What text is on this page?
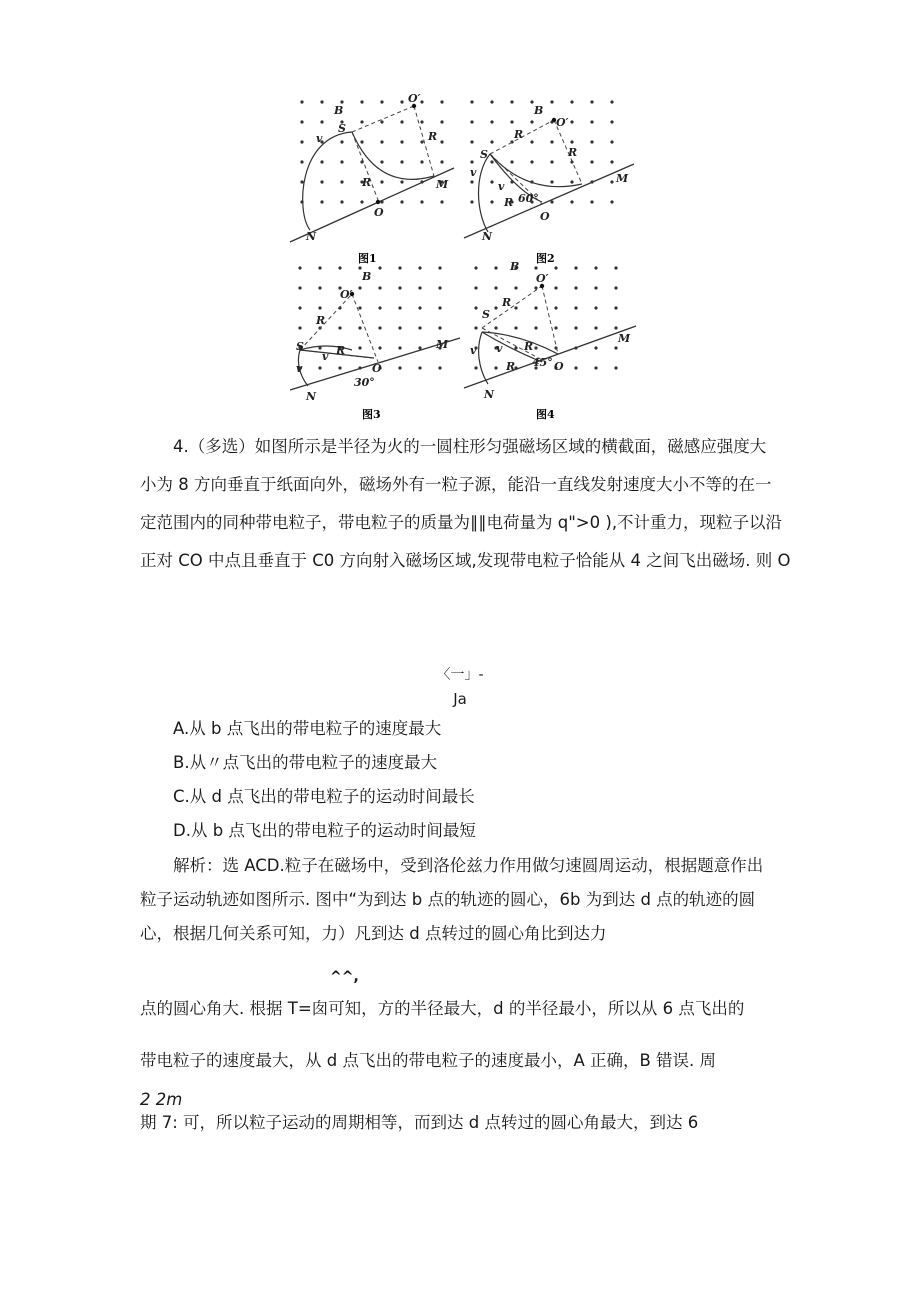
B
O′
S
R
v
R	M
O
N
图1
B
O′
R
S	R
v
v
R 60°
M
O
N
图2
B
O′
R
S	R
v
v
O
30°
M
N
图3
B
O′
S
R
v v R
R 45° O
M
N
图4
4.（多选）如图所示是半径为火的一圆柱形匀强磁场区域的横截面，磁感应强度大
小为 8 方向垂直于纸面向外，磁场外有一粒子源，能沿一直线发射速度大小不等的在一
定范围内的同种带电粒子，带电粒子的质量为∥∥电荷量为 q">0 ),不计重力，现粒子以沿
正对 CO 中点且垂直于 C0 方向射入磁场区域,发现带电粒子恰能从 4 之间飞出磁场. 则 O
〈一」-
Ja
A.从 b 点飞出的带电粒子的速度最大
B.从〃点飞出的带电粒子的速度最大
C.从 d 点飞出的带电粒子的运动时间最长
D.从 b 点飞出的带电粒子的运动时间最短
解析：选 ACD.粒子在磁场中，受到洛伦兹力作用做匀速圆周运动，根据题意作出
粒子运动轨迹如图所示. 图中“为到达 b 点的轨迹的圆心，6b 为到达 d 点的轨迹的圆
心，根据几何关系可知，力）凡到达 d 点转过的圆心角比到达力
^^,
点的圆心角大. 根据 T=囱可知，方的半径最大，d 的半径最小，所以从 6 点飞出的
带电粒子的速度最大，从 d 点飞出的带电粒子的速度最小，A 正确，B 错误. 周
2 2m
期 7: 可，所以粒子运动的周期相等，而到达 d 点转过的圆心角最大，到达 6
